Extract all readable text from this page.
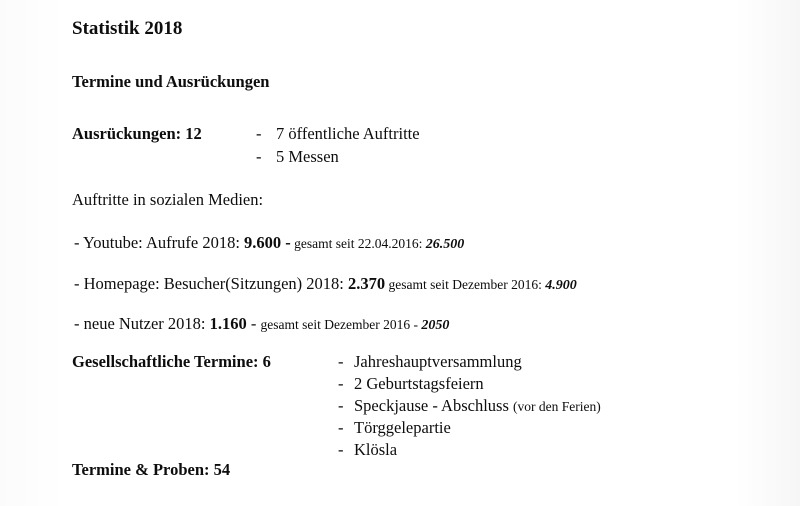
Statistik 2018
Termine und Ausrückungen
Ausrückungen: 12	- 7 öffentliche Auftritte
- 5 Messen
Auftritte in sozialen Medien:
- Youtube: Aufrufe 2018: 9.600 - gesamt seit 22.04.2016: 26.500
- Homepage: Besucher(Sitzungen) 2018: 2.370 gesamt seit Dezember 2016: 4.900
- neue Nutzer 2018: 1.160 - gesamt seit Dezember 2016 - 2050
Gesellschaftliche Termine: 6	- Jahreshauptversammlung
- 2 Geburtstagsfeiern
- Speckjause - Abschluss (vor den Ferien)
- Törggelepartie
- Klösla
Termine & Proben: 54
